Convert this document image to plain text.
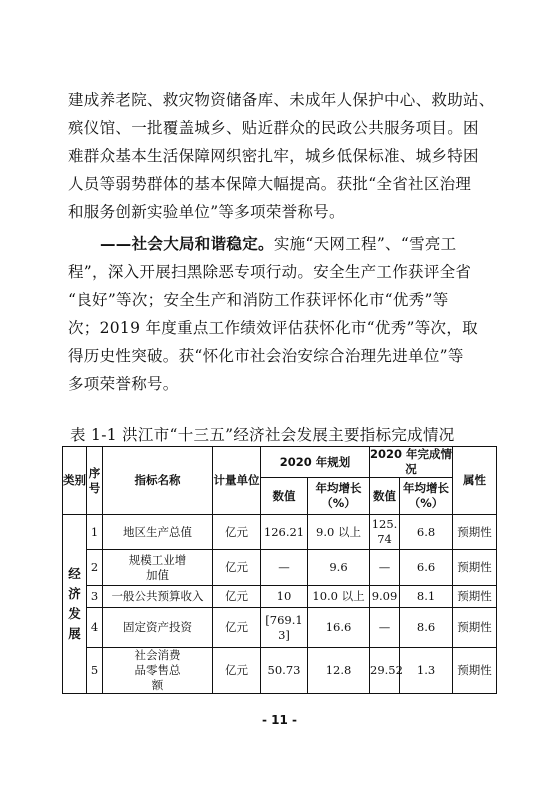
建成养老院、救灾物资储备库、未成年人保护中心、救助站、
殡仪馆、一批覆盖城乡、贴近群众的民政公共服务项目。困
难群众基本生活保障网织密扎牢，城乡低保标准、城乡特困
人员等弱势群体的基本保障大幅提高。获批“全省社区治理
和服务创新实验单位”等多项荣誉称号。
——社会大局和谐稳定。实施“天网工程”、“雪亮工
程”，深入开展扫黑除恶专项行动。安全生产工作获评全省
“良好”等次；安全生产和消防工作获评怀化市“优秀”等
次；2019 年度重点工作绩效评估获怀化市“优秀”等次，取
得历史性突破。获“怀化市社会治安综合治理先进单位”等
多项荣誉称号。
表 1-1 洪江市“十三五”经济社会发展主要指标完成情况
类别	序号	指标名称	计量单位	2020 年规划		2020 年完成情况		属性
				数值	年均增长（%）	数值	年均增长（%）	
经济发展	1	地区生产总值	亿元	126.21	9.0 以上	125.74	6.8	预期性
	2	规模工业增加值	亿元	—	9.6	—	6.6	预期性
	3	一般公共预算收入	亿元	10	10.0 以上	9.09	8.1	预期性
	4	固定资产投资	亿元	[769.13]	16.6	—	8.6	预期性
	5	社会消费品零售总额	亿元	50.73	12.8	29.52	1.3	预期性
- 11 -
